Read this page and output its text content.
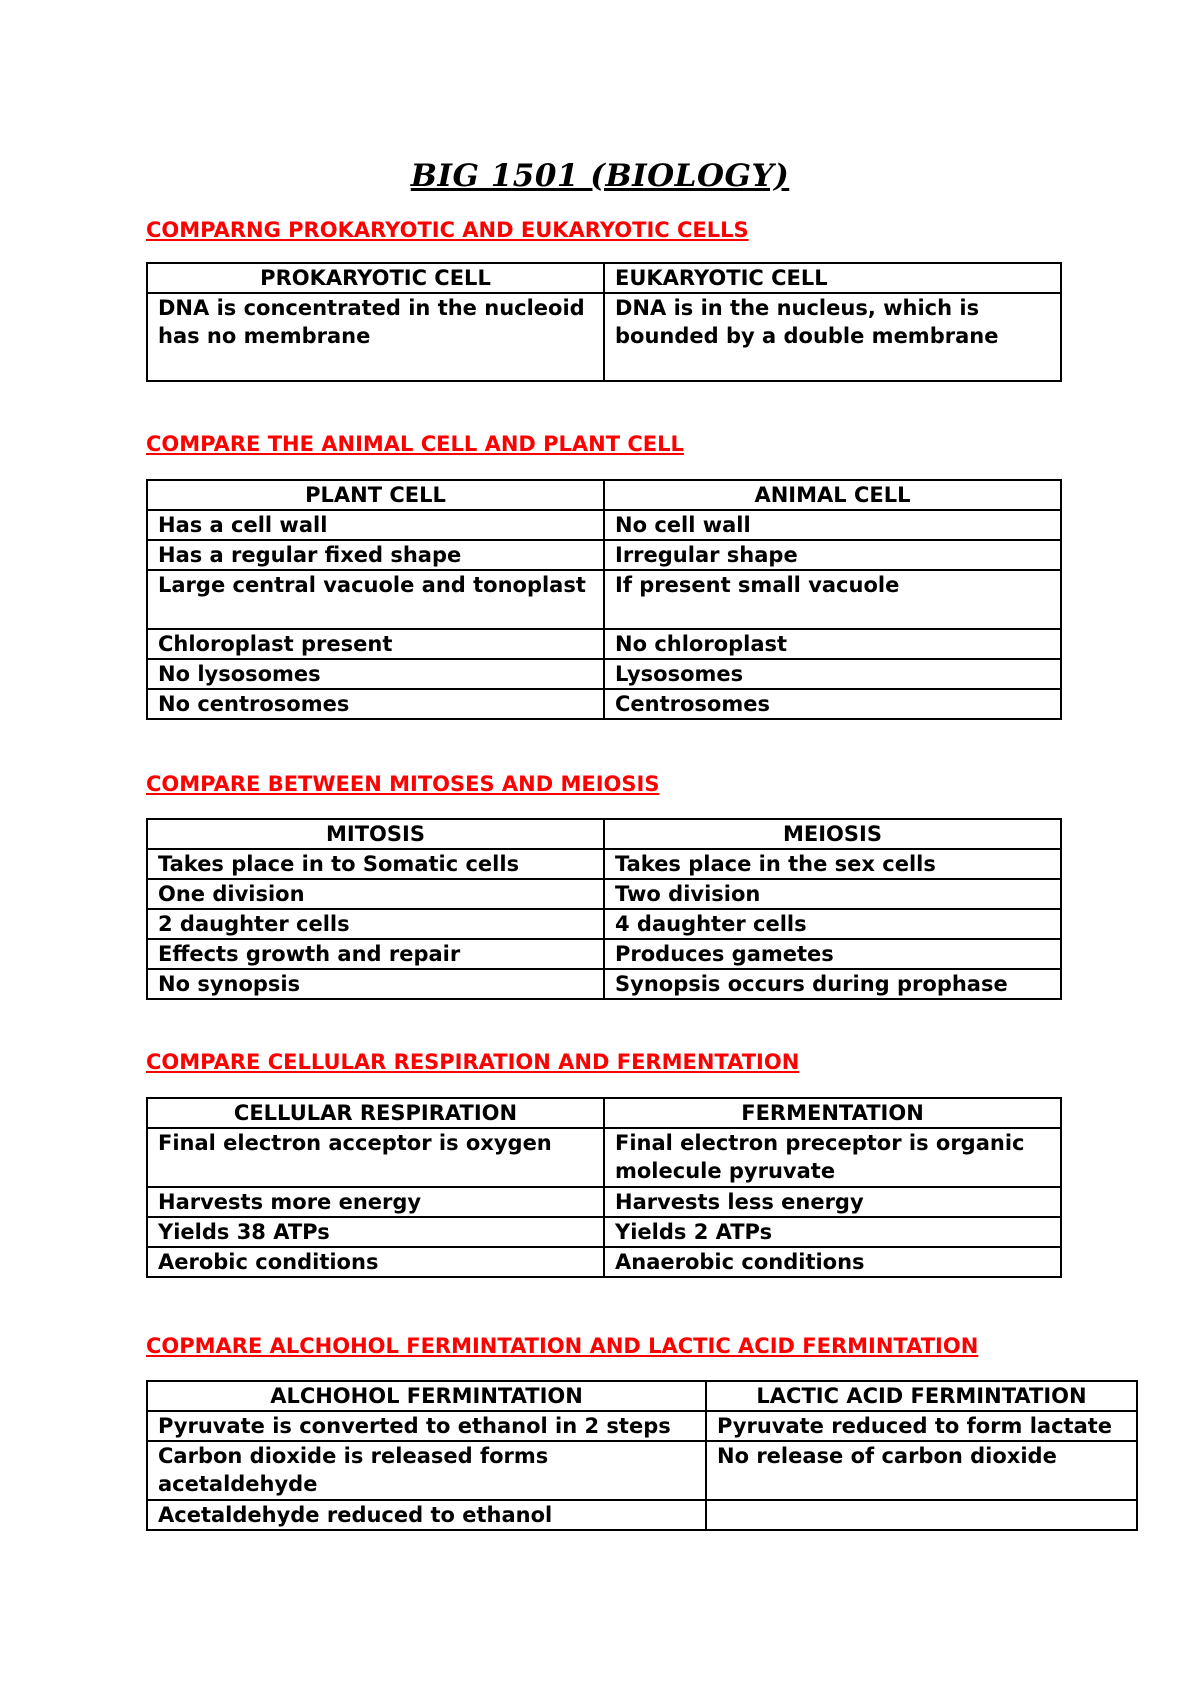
BIG 1501 (BIOLOGY)
COMPARNG PROKARYOTIC AND EUKARYOTIC CELLS
PROKARYOTIC CELL	EUKARYOTIC CELL
DNA is concentrated in the nucleoid has no membrane	DNA is in the nucleus, which is bounded by a double membrane
COMPARE THE ANIMAL CELL AND PLANT CELL
PLANT CELL	ANIMAL CELL
Has a cell wall	No cell wall
Has a regular fixed shape	Irregular shape
Large central vacuole and tonoplast	If present small vacuole
Chloroplast present	No chloroplast
No lysosomes	Lysosomes
No centrosomes	Centrosomes
COMPARE BETWEEN MITOSES AND MEIOSIS
MITOSIS	MEIOSIS
Takes place in to Somatic cells	Takes place in the sex cells
One division	Two division
2 daughter cells	4 daughter cells
Effects growth and repair	Produces gametes
No synopsis	Synopsis occurs during prophase
COMPARE CELLULAR RESPIRATION AND FERMENTATION
CELLULAR RESPIRATION	FERMENTATION
Final electron acceptor is oxygen	Final electron preceptor is organic molecule pyruvate
Harvests more energy	Harvests less energy
Yields 38 ATPs	Yields 2 ATPs
Aerobic conditions	Anaerobic conditions
COPMARE ALCHOHOL FERMINTATION AND LACTIC ACID FERMINTATION
ALCHOHOL FERMINTATION	LACTIC ACID FERMINTATION
Pyruvate is converted to ethanol in 2 steps	Pyruvate reduced to form lactate
Carbon dioxide is released forms acetaldehyde	No release of carbon dioxide
Acetaldehyde reduced to ethanol	
